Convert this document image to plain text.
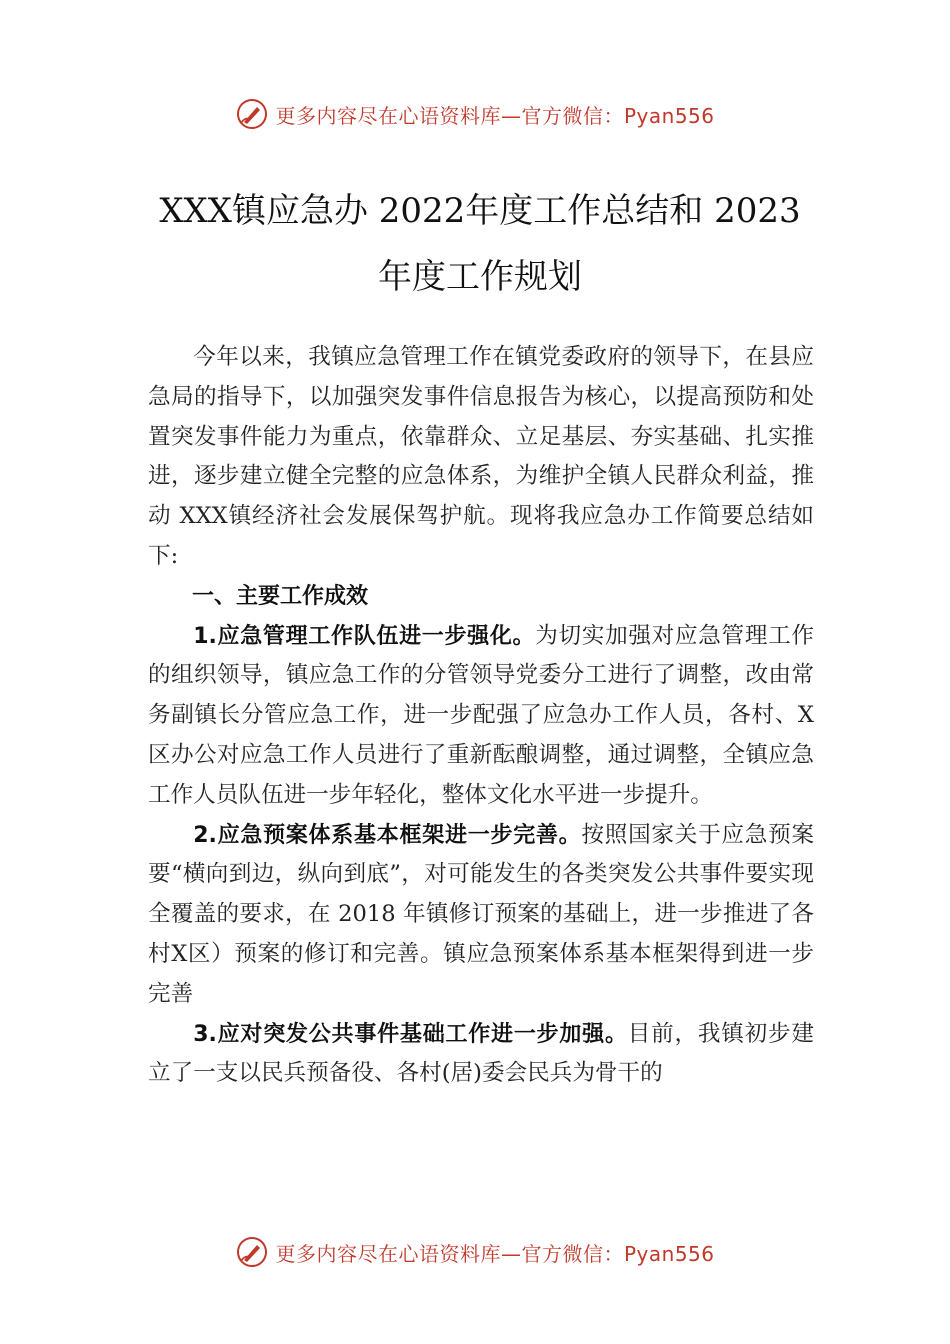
更多内容尽在心语资料库—官方微信：Pyan556
XXX镇应急办 2022年度工作总结和 2023
年度工作规划

今年以来，我镇应急管理工作在镇党委政府的领导下，在县应急局的指导下，以加强突发事件信息报告为核心，以提高预防和处置突发事件能力为重点，依靠群众、立足基层、夯实基础、扎实推进，逐步建立健全完整的应急体系，为维护全镇人民群众利益，推动 XXX镇经济社会发展保驾护航。现将我应急办工作简要总结如下:

一、主要工作成效

1.应急管理工作队伍进一步强化。为切实加强对应急管理工作的组织领导，镇应急工作的分管领导党委分工进行了调整，改由常务副镇长分管应急工作，进一步配强了应急办工作人员，各村、X区办公对应急工作人员进行了重新酝酿调整，通过调整，全镇应急工作人员队伍进一步年轻化，整体文化水平进一步提升。

2.应急预案体系基本框架进一步完善。按照国家关于应急预案要“横向到边，纵向到底”，对可能发生的各类突发公共事件要实现全覆盖的要求，在 2018 年镇修订预案的基础上，进一步推进了各村X区）预案的修订和完善。镇应急预案体系基本框架得到进一步完善

3.应对突发公共事件基础工作进一步加强。目前，我镇初步建立了一支以民兵预备役、各村(居)委会民兵为骨干的

更多内容尽在心语资料库—官方微信：Pyan556
